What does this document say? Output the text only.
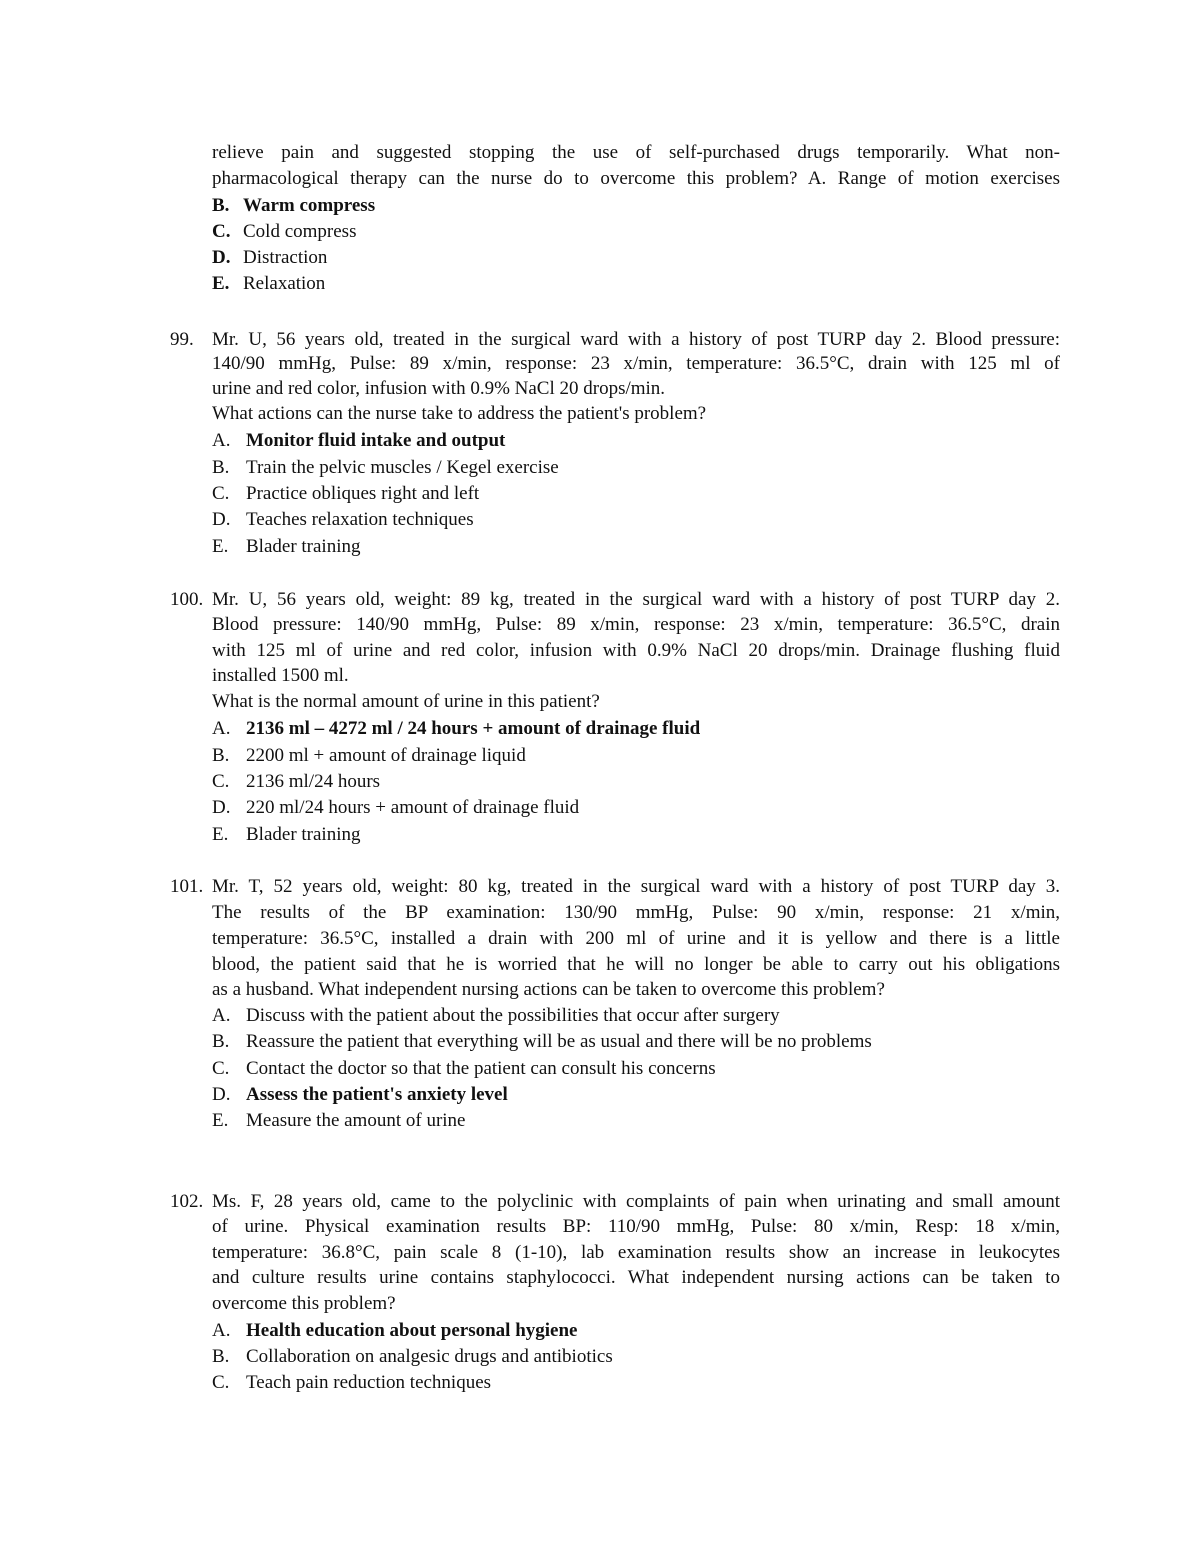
relieve pain and suggested stopping the use of self-purchased drugs temporarily. What non-
pharmacological therapy can the nurse do to overcome this problem? A. Range of motion exercises
B. Warm compress
C. Cold compress
D. Distraction
E. Relaxation
99. Mr. U, 56 years old, treated in the surgical ward with a history of post TURP day 2. Blood pressure:
140/90 mmHg, Pulse: 89 x/min, response: 23 x/min, temperature: 36.5°C, drain with 125 ml of
urine and red color, infusion with 0.9% NaCl 20 drops/min.
What actions can the nurse take to address the patient's problem?
A. Monitor fluid intake and output
B. Train the pelvic muscles / Kegel exercise
C. Practice obliques right and left
D. Teaches relaxation techniques
E. Blader training
100. Mr. U, 56 years old, weight: 89 kg, treated in the surgical ward with a history of post TURP day 2.
Blood pressure: 140/90 mmHg, Pulse: 89 x/min, response: 23 x/min, temperature: 36.5°C, drain
with 125 ml of urine and red color, infusion with 0.9% NaCl 20 drops/min. Drainage flushing fluid
installed 1500 ml.
What is the normal amount of urine in this patient?
A. 2136 ml – 4272 ml / 24 hours + amount of drainage fluid
B. 2200 ml + amount of drainage liquid
C. 2136 ml/24 hours
D. 220 ml/24 hours + amount of drainage fluid
E. Blader training
101. Mr. T, 52 years old, weight: 80 kg, treated in the surgical ward with a history of post TURP day 3.
The results of the BP examination: 130/90 mmHg, Pulse: 90 x/min, response: 21 x/min,
temperature: 36.5°C, installed a drain with 200 ml of urine and it is yellow and there is a little
blood, the patient said that he is worried that he will no longer be able to carry out his obligations
as a husband. What independent nursing actions can be taken to overcome this problem?
A. Discuss with the patient about the possibilities that occur after surgery
B. Reassure the patient that everything will be as usual and there will be no problems
C. Contact the doctor so that the patient can consult his concerns
D. Assess the patient's anxiety level
E. Measure the amount of urine
102. Ms. F, 28 years old, came to the polyclinic with complaints of pain when urinating and small amount
of urine. Physical examination results BP: 110/90 mmHg, Pulse: 80 x/min, Resp: 18 x/min,
temperature: 36.8°C, pain scale 8 (1-10), lab examination results show an increase in leukocytes
and culture results urine contains staphylococci. What independent nursing actions can be taken to
overcome this problem?
A. Health education about personal hygiene
B. Collaboration on analgesic drugs and antibiotics
C. Teach pain reduction techniques
